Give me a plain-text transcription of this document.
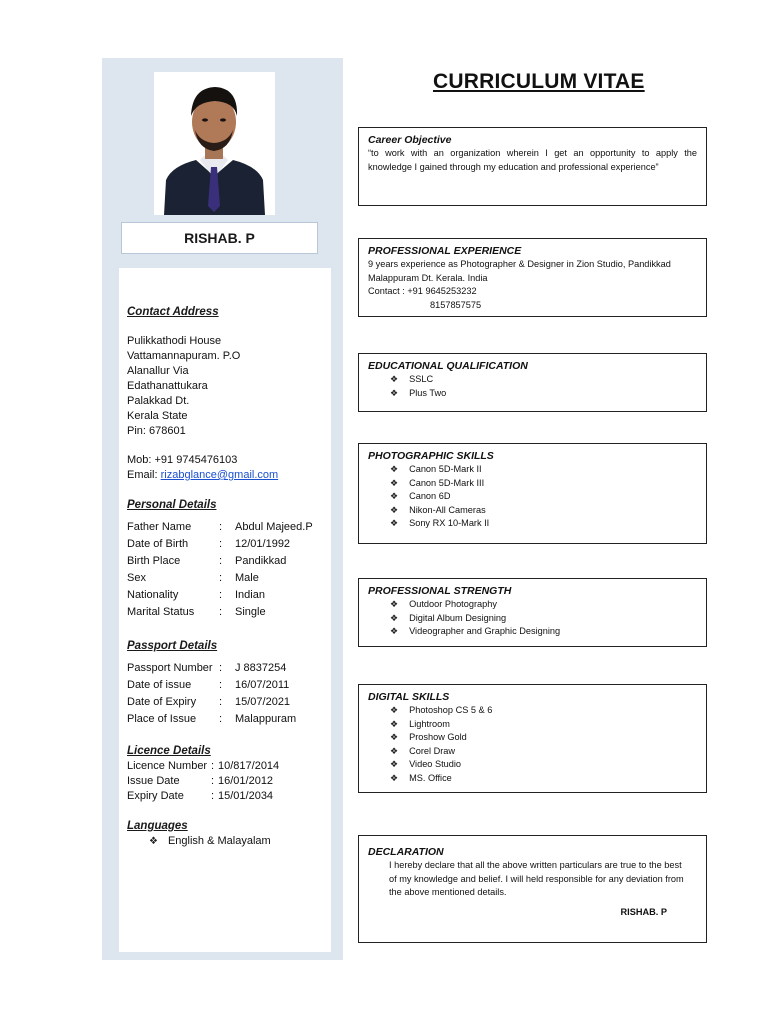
RISHAB. P
Contact Address
Pulikkathodi House
Vattamannapuram. P.O
Alanallur Via
Edathanattukara
Palakkad Dt.
Kerala State
Pin: 678601
Mob: +91 9745476103
Email: rizabglance@gmail.com
Personal Details
Father Name	:	Abdul Majeed.P
Date of Birth	:	12/01/1992
Birth Place	:	Pandikkad
Sex	:	Male
Nationality	:	Indian
Marital Status	:	Single
Passport Details
Passport Number :	J 8837254
Date of issue	:	16/07/2011
Date of Expiry	:	15/07/2021
Place of Issue	:	Malappuram
Licence Details
Licence Number : 10/817/2014
Issue Date	: 16/01/2012
Expiry Date	: 15/01/2034
Languages
❖ English & Malayalam
CURRICULUM VITAE
Career Objective
“to work with an organization wherein I get an opportunity to apply the knowledge I gained through my education and professional experience”
PROFESSIONAL EXPERIENCE
9 years experience as Photographer & Designer in Zion Studio, Pandikkad
Malappuram Dt. Kerala. India
Contact : +91 9645253232
8157857575
EDUCATIONAL QUALIFICATION
❖ SSLC
❖ Plus Two
PHOTOGRAPHIC SKILLS
❖ Canon 5D-Mark II
❖ Canon 5D-Mark III
❖ Canon 6D
❖ Nikon-All Cameras
❖ Sony RX 10-Mark II
PROFESSIONAL STRENGTH
❖ Outdoor Photography
❖ Digital Album Designing
❖ Videographer and Graphic Designing
DIGITAL SKILLS
❖ Photoshop CS 5 & 6
❖ Lightroom
❖ Proshow Gold
❖ Corel Draw
❖ Video Studio
❖ MS. Office
DECLARATION
I hereby declare that all the above written particulars are true to the best of my knowledge and belief. I will held responsible for any deviation from the above mentioned details.
RISHAB. P
